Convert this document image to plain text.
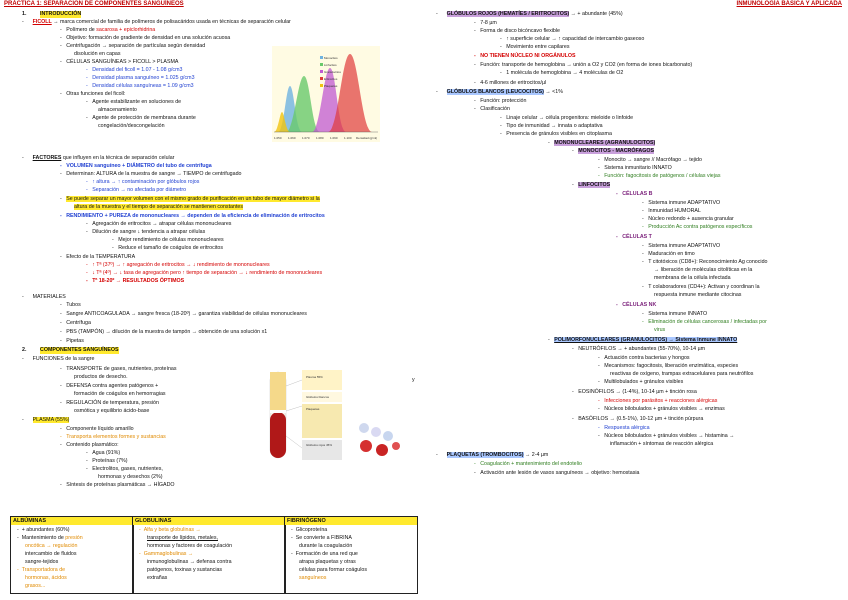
PRÁCTICA 1: SEPARACIÓN DE COMPONENTES SANGUÍNEOS	INMUNOLOGÍA BÁSICA Y APLICADA
1.	INTRODUCCIÓN
-      FICOLL → marca comercial de familia de polímeros de polisacáridos usada en técnicas de separación celular
-   Polímero de sacarosa + epiclorhidrina
-   Objetivo: formación de gradiente de densidad en una solución acuosa
-   Centrifugación → separación de partículas según densidad
disolución en capas
-   CÉLULAS SANGUÍNEAS > FICOLL > PLASMA
-   Densidad del ficoll = 1.07 - 1.08 g/cm3
-   Densidad plasma sanguíneo = 1.025 g/cm3
-   Densidad células sanguíneas = 1.09 g/cm3
-   Otras funciones del ficoll:
-   Agente estabilizante en soluciones de
almacenamiento
-   Agente de protección de membrana durante
congelación/descongelación
Monocitos
Linfocitos
Granulocitos
Eritrocitos
Plaquetas
1.050 1.060 1.070 1.080 1.090 1.100 Densidad (g/ml)
-      FACTORES que influyen en la técnica de separación celular
-   VOLUMEN sanguíneo + DIÁMETRO del tubo de centrífuga
-   Determinan: ALTURA de la muestra de sangre → TIEMPO de centrifugado
-   ↑ altura → ↑ contaminación por glóbulos rojos
-   Separación → no afectada por diámetro
-   Se puede separar un mayor volumen con el mismo grado de purificación en un tubo de mayor diámetro si la
altura de la muestra y el tiempo de separación se mantienen constantes
-   RENDIMIENTO + PUREZA de mononucleares → dependen de la eficiencia de eliminación de eritrocitos
-   Agregación de eritrocitos → atrapar células mononucleares
-   Dilución de sangre ↓ tendencia a atrapar células
-   Mejor rendimiento de células mononucleares
-   Reduce el tamaño de coágulos de eritrocitos
-   Efecto de la TEMPERATURA
-   ↑ Tª (37º) → ↑ agregación de eritrocitos → ↓ rendimiento de mononucleares
-   ↓ Tª (4º) → ↓ tasa de agregación pero ↑ tiempo de separación → ↓ rendimiento de mononucleares
-   Tª 18-20º → RESULTADOS ÓPTIMOS
-      MATERIALES
-   Tubos
-   Sangre ANTICOAGULADA → sangre fresca (18-20º) → garantiza viabilidad de células mononucleares
-   Centrífuga
-   PBS (TAMPÓN) → dilución de la muestra de tampón → obtención de una solución x1
-   Pipetas
2.	COMPONENTES SANGUÍNEOS
-      FUNCIONES de la sangre
-   TRANSPORTE de gases, nutrientes, proteínas
productos de desecho.
-   DEFENSA contra agentes patógenos +
formación de coágulos en hemorragias
-   REGULACIÓN de temperatura, presión
osmótica y equilibrio ácido-base
y
-      PLASMA (55%)
-   Componente líquido amarillo
-   Transporta elementos formes y sustancias
-   Contenido plasmático:
-   Agua (91%)
-   Proteínas (7%)
-   Electrolitos, gases, nutrientes,
hormonas y desechos (2%)
-   Síntesis de proteínas plasmáticas → HÍGADO
Plasma 55%
Glóbulos blancos
Plaquetas
Glóbulos rojos 45%
ALBÚMINAS
-  + abundantes (60%)
-  Mantenimiento de presión
oncótica → regulación
intercambio de fluidos
sangre-tejidos
-  Transportadora de
hormonas, ácidos
grasos...
GLOBULINAS
-  Alfa y beta globulinas →
transporte de lípidos, metales,
hormonas y factores de coagulación
-  Gammaglobulinas →
inmunoglobulinas → defensa contra
patógenos, toxinas y sustancias
extrañas
FIBRINÓGENO
-  Glicoproteína
-  Se convierte a FIBRINA
durante la coagulación
-  Formación de una red que
atrapa plaquetas y otras
células para formar coágulos
sanguíneos
-      GLÓBULOS ROJOS (HEMATÍES / ERITROCITOS) → + abundante (45%)
-   7-8 µm
-   Forma de disco bicóncavo flexible
-   ↑ superficie celular → ↑ capacidad de intercambio gaseoso
-   Movimiento entre capilares
-   NO TIENEN NÚCLEO NI ORGÁNULOS
-   Función: transporte de hemoglobina → unión a O2 y CO2 (en forma de iones bicarbonato)
-   1 molécula de hemoglobina → 4 moléculas de O2
-   4-6 millones de eritrocitos/µl
-      GLÓBULOS BLANCOS (LEUCOCITOS) → <1%
-   Función: protección
-   Clasificación
-   Linaje celular → célula progenitora: mieloide o linfoide
-   Tipo de inmunidad → innata o adaptativa
-   Presencia de gránulos visibles en citoplasma
-   MONONUCLEARES (AGRANULOCITOS)
-   MONOCITOS - MACRÓFAGOS
-   Monocito → sangre // Macrófago → tejido
-   Sistema inmunitario INNATO
-   Función: fagocitosis de patógenos / células viejas
-   LINFOCITOS
-   CÉLULAS B
-   Sistema inmune ADAPTATIVO
-   Inmunidad HUMORAL
-   Núcleo redondo + ausencia granular
-   Producción Ac contra patógenos específicos
-   CÉLULAS T
-   Sistema inmune ADAPTATIVO
-   Maduración en timo
-   T citotóxicos (CD8+): Reconocimiento Ag conocido
→ liberación de moléculas citolíticas en la
membrana de la célula infectada
-   T colaboradores (CD4+): Activan y coordinan la
respuesta inmune mediante citocinas
-   CÉLULAS NK
-   Sistema inmune INNATO
-   Eliminación de células cancerosas / infectadas por
virus
-   POLIMORFONUCLEARES (GRANULOCITOS) → Sistema inmune INNATO
-   NEUTRÓFILOS → + abundantes (55-70%), 10-14 µm
-   Actuación contra bacterias y hongos
-   Mecanismos: fagocitosis, liberación enzimática, especies
reactivas de oxígeno, trampas extracelulares para neutrófilos
-   Multilobulados + gránulos visibles
-   EOSINÓFILOS → (1-4%), 10-14 µm + tinción rosa
-   Infecciones por parásitos + reacciones alérgicas
-   Núcleos bilobulados + gránulos visibles → enzimas
-   BASÓFILOS → (0.5-1%), 10-12 µm + tinción púrpura
-   Respuesta alérgica
-   Núcleos bilobulados + gránulos visibles → histamina →
inflamación + síntomas de reacción alérgica
-      PLAQUETAS (TROMBOCITOS) → 2-4 µm
-   Coagulación + mantenimiento del endotelio
-   Activación ante lesión de vasos sanguíneos → objetivo: hemostasia
